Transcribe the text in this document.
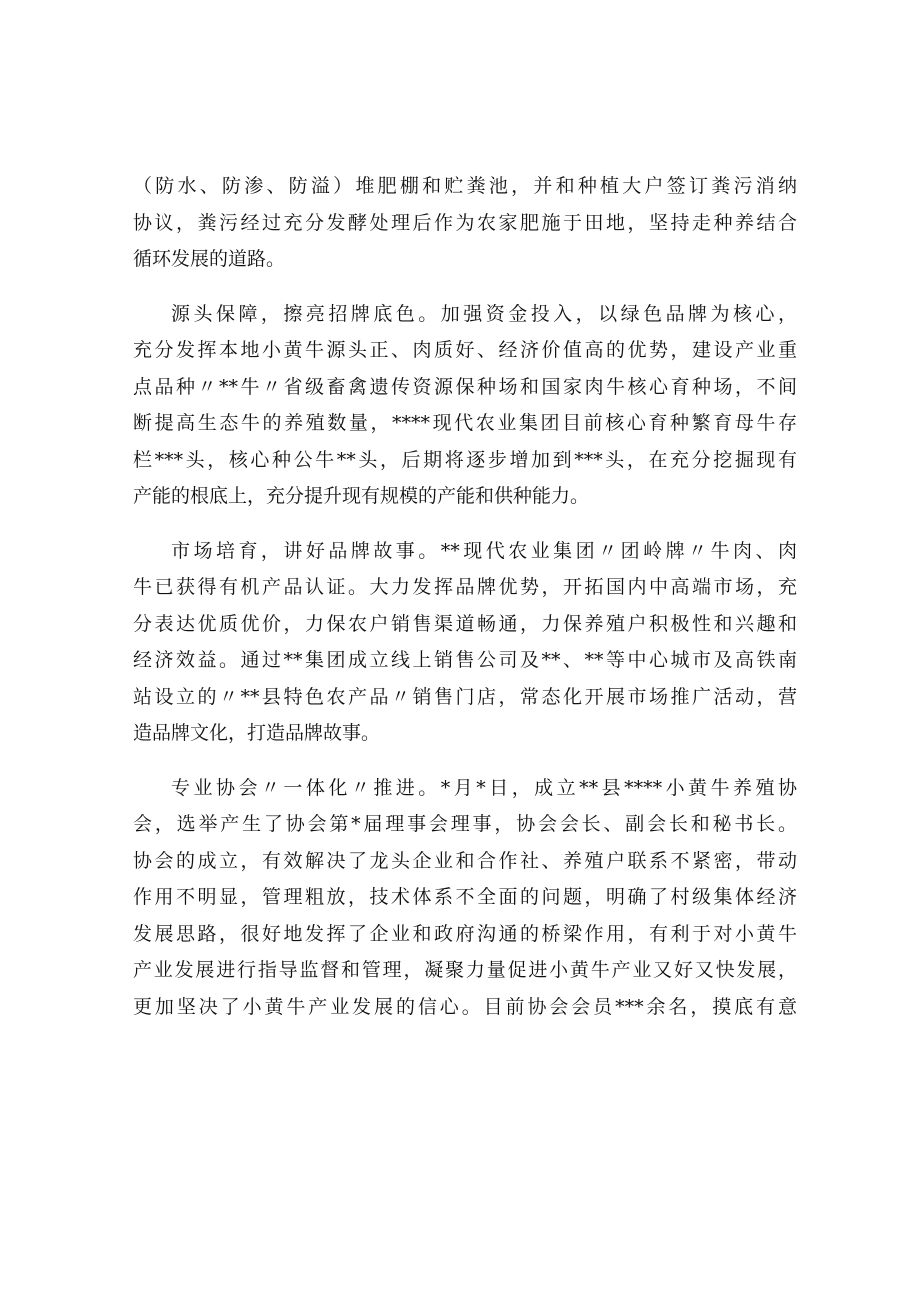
（防水、防渗、防溢）堆肥棚和贮粪池，并和种植大户签订粪污消纳
协议，粪污经过充分发酵处理后作为农家肥施于田地，坚持走种养结合
循环发展的道路。
源头保障，擦亮招牌底色。加强资金投入，以绿色品牌为核心，
充分发挥本地小黄牛源头正、肉质好、经济价值高的优势，建设产业重
点品种〃**牛〃省级畜禽遗传资源保种场和国家肉牛核心育种场，不间
断提高生态牛的养殖数量，****现代农业集团目前核心育种繁育母牛存
栏***头，核心种公牛**头，后期将逐步增加到***头，在充分挖掘现有
产能的根底上，充分提升现有规模的产能和供种能力。
市场培育，讲好品牌故事。**现代农业集团〃团岭牌〃牛肉、肉
牛已获得有机产品认证。大力发挥品牌优势，开拓国内中高端市场，充
分表达优质优价，力保农户销售渠道畅通，力保养殖户积极性和兴趣和
经济效益。通过**集团成立线上销售公司及**、**等中心城市及高铁南
站设立的〃**县特色农产品〃销售门店，常态化开展市场推广活动，营
造品牌文化，打造品牌故事。
专业协会〃一体化〃推进。*月*日，成立**县****小黄牛养殖协
会，选举产生了协会第*届理事会理事，协会会长、副会长和秘书长。
协会的成立，有效解决了龙头企业和合作社、养殖户联系不紧密，带动
作用不明显，管理粗放，技术体系不全面的问题，明确了村级集体经济
发展思路，很好地发挥了企业和政府沟通的桥梁作用，有利于对小黄牛
产业发展进行指导监督和管理，凝聚力量促进小黄牛产业又好又快发展，
更加坚决了小黄牛产业发展的信心。目前协会会员***余名，摸底有意
